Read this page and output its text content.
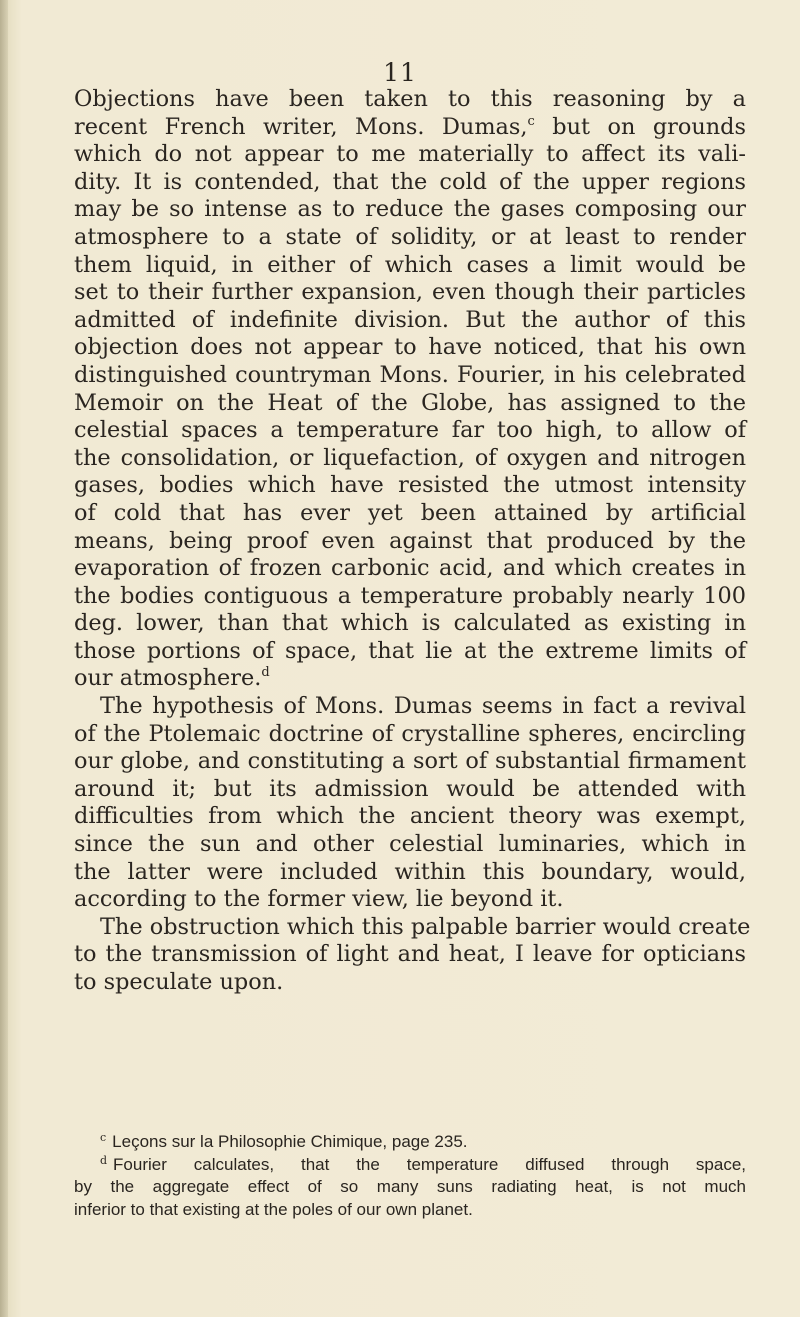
11
Objections have been taken to this reasoning by a
recent French writer, Mons. Dumas,$^c$ but on grounds
which do not appear to me materially to affect its vali-
dity. It is contended, that the cold of the upper regions
may be so intense as to reduce the gases composing our
atmosphere to a state of solidity, or at least to render
them liquid, in either of which cases a limit would be
set to their further expansion, even though their particles
admitted of indefinite division. But the author of this
objection does not appear to have noticed, that his own
distinguished countryman Mons. Fourier, in his celebrated
Memoir on the Heat of the Globe, has assigned to the
celestial spaces a temperature far too high, to allow of
the consolidation, or liquefaction, of oxygen and nitrogen
gases, bodies which have resisted the utmost intensity
of cold that has ever yet been attained by artificial
means, being proof even against that produced by the
evaporation of frozen carbonic acid, and which creates in
the bodies contiguous a temperature probably nearly 100
deg. lower, than that which is calculated as existing in
those portions of space, that lie at the extreme limits of
our atmosphere.$^d$
The hypothesis of Mons. Dumas seems in fact a revival
of the Ptolemaic doctrine of crystalline spheres, encircling
our globe, and constituting a sort of substantial firmament
around it; but its admission would be attended with
difficulties from which the ancient theory was exempt,
since the sun and other celestial luminaries, which in
the latter were included within this boundary, would,
according to the former view, lie beyond it.
The obstruction which this palpable barrier would create
to the transmission of light and heat, I leave for opticians
to speculate upon.
$^c$ Leçons sur la Philosophie Chimique, page 235.
$^d$ Fourier calculates, that the temperature diffused through space,
by the aggregate effect of so many suns radiating heat, is not much
inferior to that existing at the poles of our own planet.
